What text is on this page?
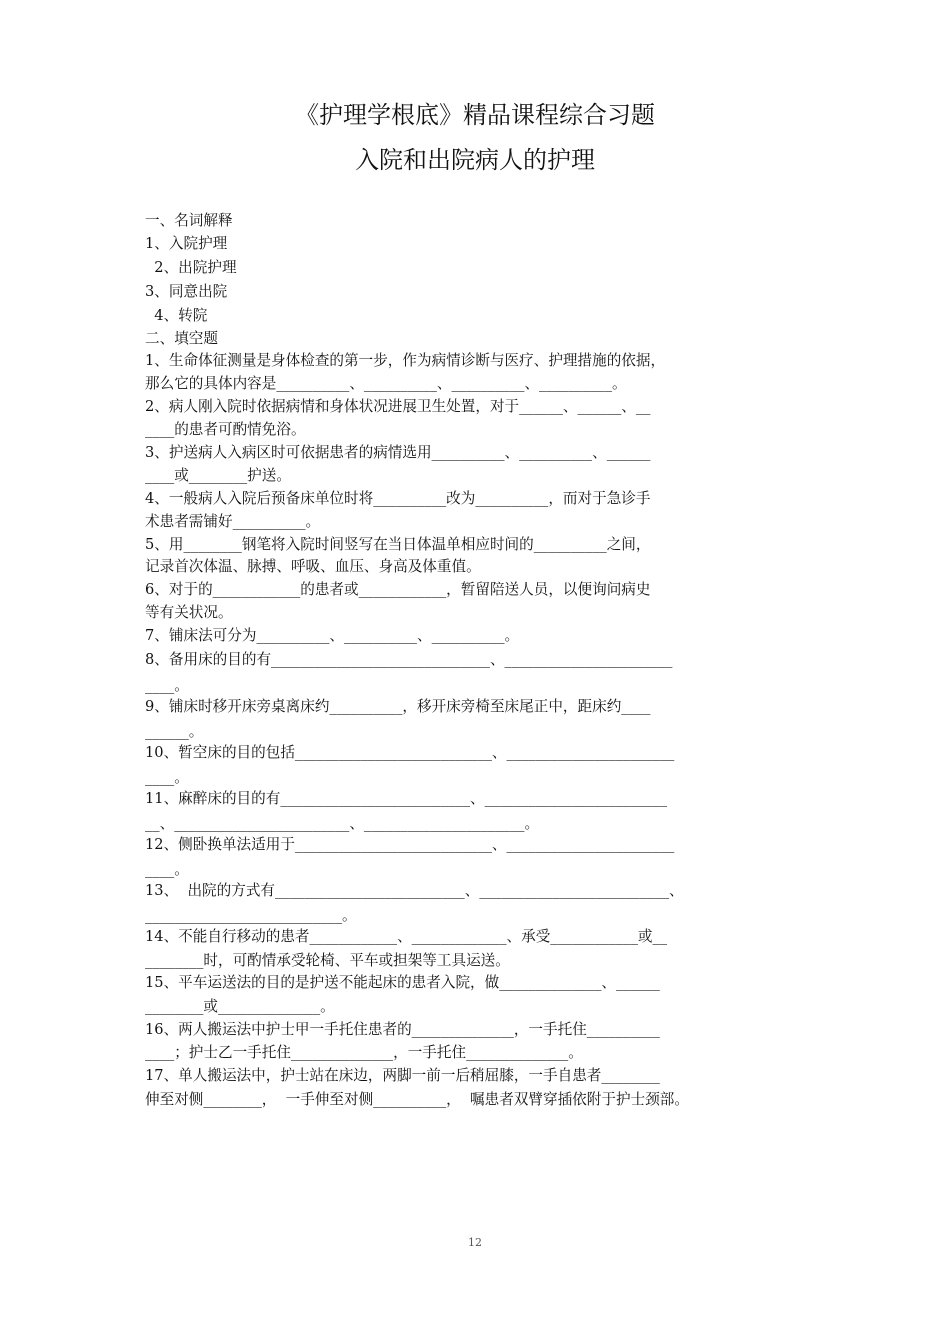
《护理学根底》精品课程综合习题
入院和出院病人的护理
一、名词解释
1、入院护理
2、出院护理
3、同意出院
4、转院
二、填空题
1、生命体征测量是身体检查的第一步，作为病情诊断与医疗、护理措施的依据，
那么它的具体内容是__________、__________、__________、__________。
2、病人刚入院时依据病情和身体状况进展卫生处置，对于______、______、__
____的患者可酌情免浴。
3、护送病人入病区时可依据患者的病情选用__________、__________、______
____或________护送。
4、一般病人入院后预备床单位时将__________改为__________，而对于急诊手
术患者需铺好__________。
5、用________钢笔将入院时间竖写在当日体温单相应时间的__________之间，
记录首次体温、脉搏、呼吸、血压、身高及体重值。
6、对于的____________的患者或____________，暂留陪送人员，以便询问病史
等有关状况。
7、铺床法可分为__________、__________、__________。
8、备用床的目的有______________________________、_______________________
____。
9、铺床时移开床旁桌离床约__________，移开床旁椅至床尾正中，距床约____
______。
10、暂空床的目的包括___________________________、_______________________
____。
11、麻醉床的目的有__________________________、_________________________
__、________________________、______________________。
12、侧卧换单法适用于___________________________、_______________________
____。
13、  出院的方式有__________________________、__________________________、
___________________________。
14、不能自行移动的患者____________、_____________、承受____________或__
________时，可酌情承受轮椅、平车或担架等工具运送。
15、平车运送法的目的是护送不能起床的患者入院，做______________、______
________或______________。
16、两人搬运法中护士甲一手托住患者的______________，一手托住__________
____；护士乙一手托住______________，一手托住______________。
17、单人搬运法中，护士站在床边，两脚一前一后稍屈膝，一手自患者________
伸至对侧________，  一手伸至对侧__________，  嘱患者双臂穿插依附于护士颈部。
12
